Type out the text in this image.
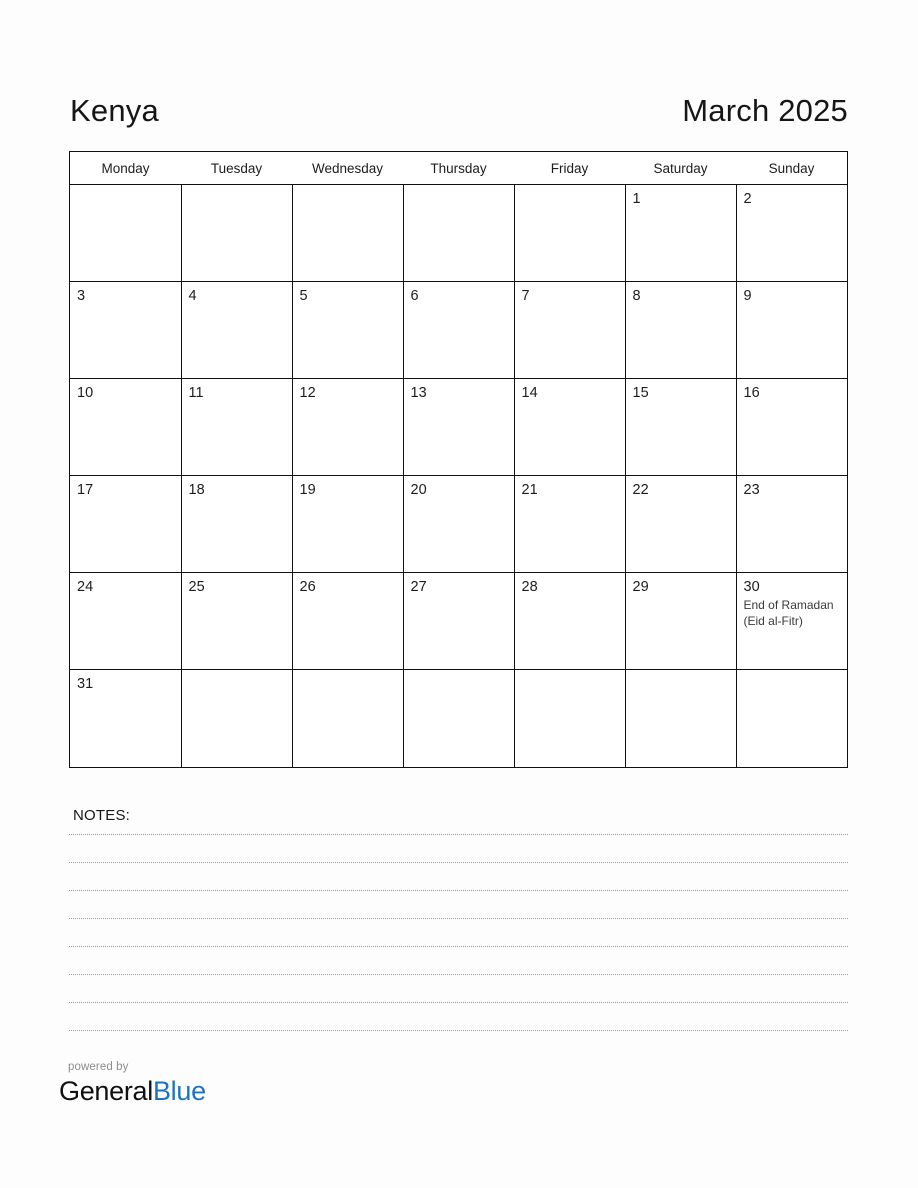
Kenya	March 2025
Monday	Tuesday	Wednesday	Thursday	Friday	Saturday	Sunday

					1	2

3	4	5	6	7	8	9

10	11	12	13	14	15	16

17	18	19	20	21	22	23

24	25	26	27	28	29	30
End of Ramadan (Eid al-Fitr)

31						

NOTES:
powered by
GeneralBlue
